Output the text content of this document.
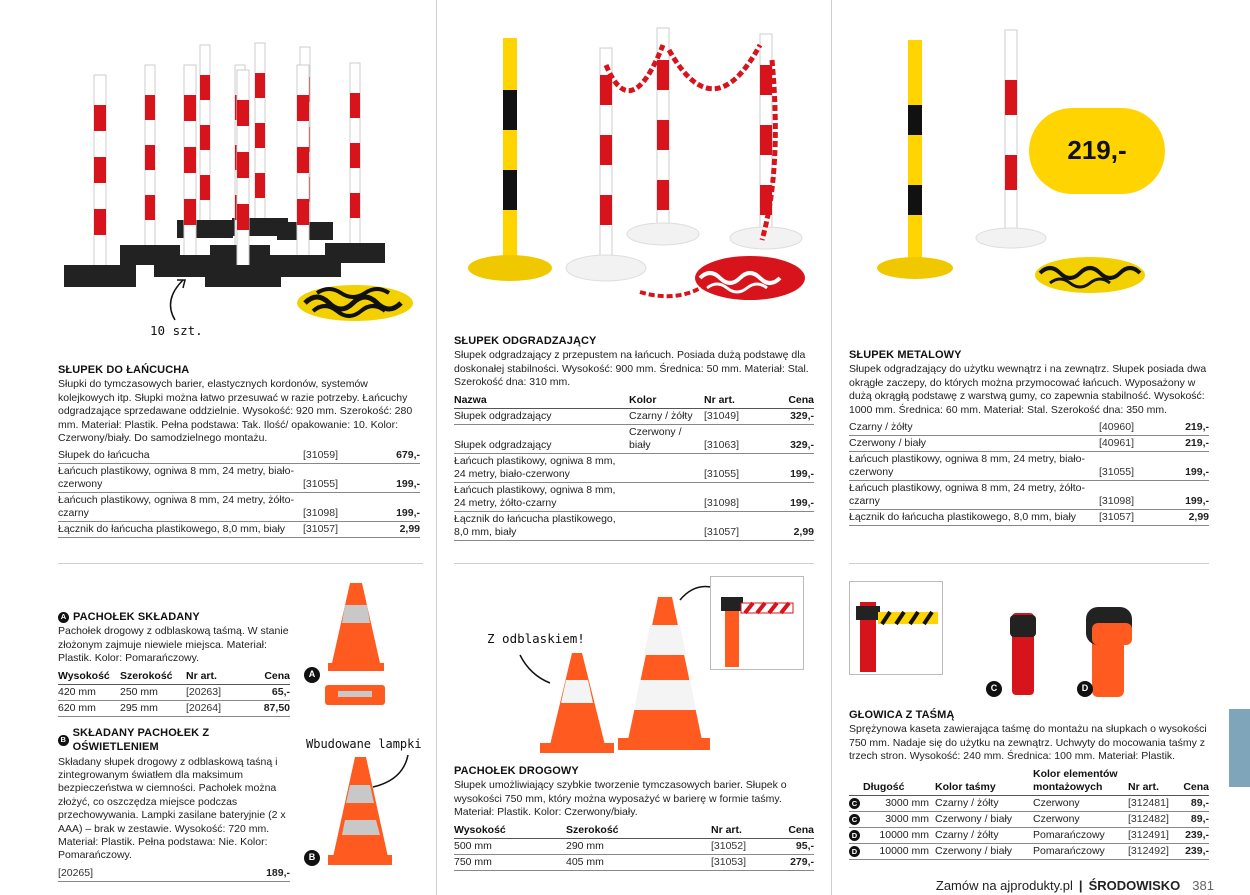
10 szt.
SŁUPEK DO ŁAŃCUCHA
Słupki do tymczasowych barier, elastycznych kordonów, systemów kolejkowych itp. Słupki można łatwo przesuwać w razie potrzeby. Łańcuchy odgradzające sprzedawane oddzielnie. Wysokość: 920 mm. Szerokość: 280 mm. Materiał: Plastik. Pełna podstawa: Tak. Ilość/ opakowanie: 10. Kolor: Czerwony/biały. Do samodzielnego montażu.
Słupek do łańcucha	[31059]	679,-
Łańcuch plastikowy, ogniwa 8 mm, 24 metry, biało-czerwony	[31055]	199,-
Łańcuch plastikowy, ogniwa 8 mm, 24 metry, żółto-czarny	[31098]	199,-
Łącznik do łańcucha plastikowego, 8,0 mm, biały	[31057]	2,99
SŁUPEK ODGRADZAJĄCY
Słupek odgradzający z przepustem na łańcuch. Posiada dużą podstawę dla doskonałej stabilności. Wysokość: 900 mm. Średnica: 50 mm. Materiał: Stal. Szerokość dna: 310 mm.
Nazwa	Kolor	Nr art.	Cena
Słupek odgradzający	Czarny / żółty	[31049]	329,-
Słupek odgradzający	Czerwony / biały	[31063]	329,-
Łańcuch plastikowy, ogniwa 8 mm, 24 metry, biało-czerwony		[31055]	199,-
Łańcuch plastikowy, ogniwa 8 mm, 24 metry, żółto-czarny		[31098]	199,-
Łącznik do łańcucha plastikowego, 8,0 mm, biały		[31057]	2,99
219,-
SŁUPEK METALOWY
Słupek odgradzający do użytku wewnątrz i na zewnątrz. Słupek posiada dwa okrągłe zaczepy, do których można przymocować łańcuch. Wyposażony w dużą okrągłą podstawę z warstwą gumy, co zapewnia stabilność. Wysokość: 1000 mm. Średnica: 60 mm. Materiał: Stal. Szerokość dna: 350 mm.
Czarny / żółty	[40960]	219,-
Czerwony / biały	[40961]	219,-
Łańcuch plastikowy, ogniwa 8 mm, 24 metry, biało-czerwony	[31055]	199,-
Łańcuch plastikowy, ogniwa 8 mm, 24 metry, żółto-czarny	[31098]	199,-
Łącznik do łańcucha plastikowego, 8,0 mm, biały	[31057]	2,99
A PACHOŁEK SKŁADANY
Pachołek drogowy z odblaskową taśmą. W stanie złożonym zajmuje niewiele miejsca. Materiał: Plastik. Kolor: Pomarańczowy.
Wysokość	Szerokość	Nr art.	Cena
420 mm	250 mm	[20263]	65,-
620 mm	295 mm	[20264]	87,50
B
SKŁADANY PACHOŁEK Z OŚWIETLENIEM
Składany słupek drogowy z odblaskową taśną i zintegrowanym światłem dla maksimum bezpieczeństwa w ciemności. Pachołek można złożyć, co oszczędza miejsce podczas przechowywania. Lampki zasilane bateryjnie (2 x AAA) – brak w zestawie. Wysokość: 720 mm. Materiał: Plastik. Pełna podstawa: Nie. Kolor: Pomarańczowy.
[20265]	189,-
A
B
Wbudowane lampki
Z odblaskiem!
PACHOŁEK DROGOWY
Słupek umożliwiający szybkie tworzenie tymczasowych barier. Słupek o wysokości 750 mm, który można wyposażyć w barierę w formie taśmy. Materiał: Plastik. Kolor: Czerwony/biały.
Wysokość	Szerokość	Nr art.	Cena
500 mm	290 mm	[31052]	95,-
750 mm	405 mm	[31053]	279,-
C	D
GŁOWICA Z TAŚMĄ
Sprężynowa kaseta zawierająca taśmę do montażu na słupkach o wysokości 750 mm. Nadaje się do użytku na zewnątrz. Uchwyty do mocowania taśmy z trzech stron. Wysokość: 240 mm. Średnica: 100 mm. Materiał: Plastik.
	Długość	Kolor taśmy	Kolor elementów montażowych	Nr art.	Cena
C	3000 mm	Czarny / żółty	Czerwony	[312481]	89,-
C	3000 mm	Czerwony / biały	Czerwony	[312482]	89,-
D	10000 mm	Czarny / żółty	Pomarańczowy	[312491]	239,-
D	10000 mm	Czerwony / biały	Pomarańczowy	[312492]	239,-
Zamów na ajprodukty.pl | ŚRODOWISKO 381
